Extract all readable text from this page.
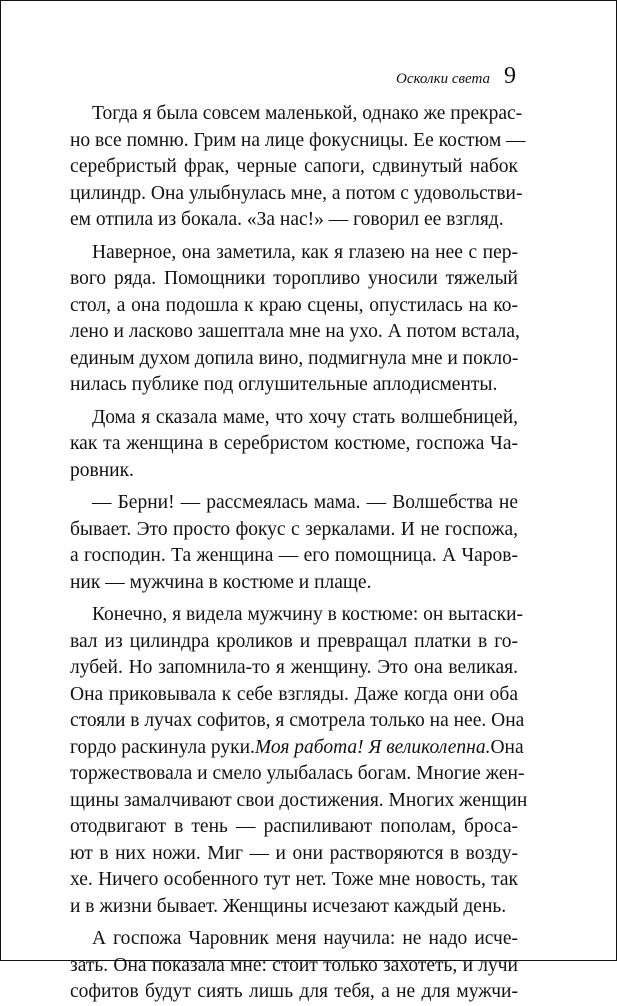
Осколки света 9
Тогда я была совсем маленькой, однако же прекрас-
но все помню. Грим на лице фокусницы. Ее костюм —
серебристый фрак, черные сапоги, сдвинутый набок
цилиндр. Она улыбнулась мне, а потом с удовольстви-
ем отпила из бокала. «За нас!» — говорил ее взгляд.
Наверное, она заметила, как я глазею на нее с пер-
вого ряда. Помощники торопливо уносили тяжелый
стол, а она подошла к краю сцены, опустилась на ко-
лено и ласково зашептала мне на ухо. А потом встала,
единым духом допила вино, подмигнула мне и покло-
нилась публике под оглушительные аплодисменты.
Дома я сказала маме, что хочу стать волшебницей,
как та женщина в серебристом костюме, госпожа Ча-
ровник.
— Берни! — рассмеялась мама. — Волшебства не
бывает. Это просто фокус с зеркалами. И не госпожа,
а господин. Та женщина — его помощница. А Чаров-
ник — мужчина в костюме и плаще.
Конечно, я видела мужчину в костюме: он вытаски-
вал из цилиндра кроликов и превращал платки в го-
лубей. Но запомнила-то я женщину. Это она великая.
Она приковывала к себе взгляды. Даже когда они оба
стояли в лучах софитов, я смотрела только на нее. Она
гордо раскинула руки. Моя работа! Я великолепна. Она
торжествовала и смело улыбалась богам. Многие жен-
щины замалчивают свои достижения. Многих женщин
отодвигают в тень — распиливают пополам, броса-
ют в них ножи. Миг — и они растворяются в возду-
хе. Ничего особенного тут нет. Тоже мне новость, так
и в жизни бывает. Женщины исчезают каждый день.
А госпожа Чаровник меня научила: не надо исче-
зать. Она показала мне: стоит только захотеть, и лучи
софитов будут сиять лишь для тебя, а не для мужчи-
